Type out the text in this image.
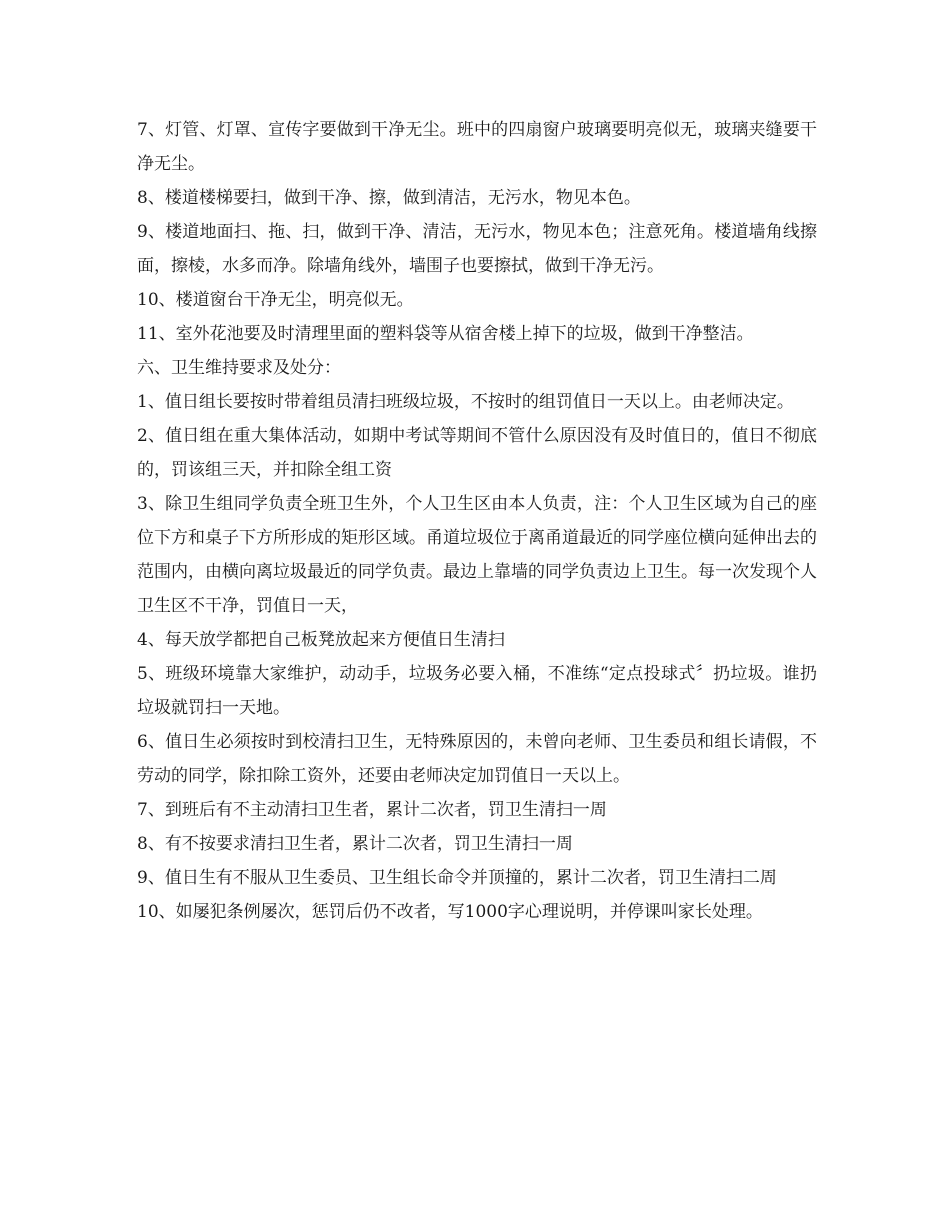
7、灯管、灯罩、宣传字要做到干净无尘。班中的四扇窗户玻璃要明亮似无，玻璃夹缝要干净无尘。

8、楼道楼梯要扫，做到干净、擦，做到清洁，无污水，物见本色。

9、楼道地面扫、拖、扫，做到干净、清洁，无污水，物见本色；注意死角。楼道墙角线擦面，擦棱，水多而净。除墙角线外，墙围子也要擦拭，做到干净无污。

10、楼道窗台干净无尘，明亮似无。

11、室外花池要及时清理里面的塑料袋等从宿舍楼上掉下的垃圾，做到干净整洁。

六、卫生维持要求及处分：

1、值日组长要按时带着组员清扫班级垃圾，不按时的组罚值日一天以上。由老师决定。

2、值日组在重大集体活动，如期中考试等期间不管什么原因没有及时值日的，值日不彻底的，罚该组三天，并扣除全组工资

3、除卫生组同学负责全班卫生外，个人卫生区由本人负责，注：个人卫生区域为自己的座位下方和桌子下方所形成的矩形区域。甬道垃圾位于离甬道最近的同学座位横向延伸出去的范围内，由横向离垃圾最近的同学负责。最边上靠墙的同学负责边上卫生。每一次发现个人卫生区不干净，罚值日一天，

4、每天放学都把自己板凳放起来方便值日生清扫

5、班级环境靠大家维护，动动手，垃圾务必要入桶，不准练“定点投球式〞扔垃圾。谁扔垃圾就罚扫一天地。

6、值日生必须按时到校清扫卫生，无特殊原因的，未曾向老师、卫生委员和组长请假，不劳动的同学，除扣除工资外，还要由老师决定加罚值日一天以上。

7、到班后有不主动清扫卫生者，累计二次者，罚卫生清扫一周

8、有不按要求清扫卫生者，累计二次者，罚卫生清扫一周

9、值日生有不服从卫生委员、卫生组长命令并顶撞的，累计二次者，罚卫生清扫二周

10、如屡犯条例屡次，惩罚后仍不改者，写1000字心理说明，并停课叫家长处理。
